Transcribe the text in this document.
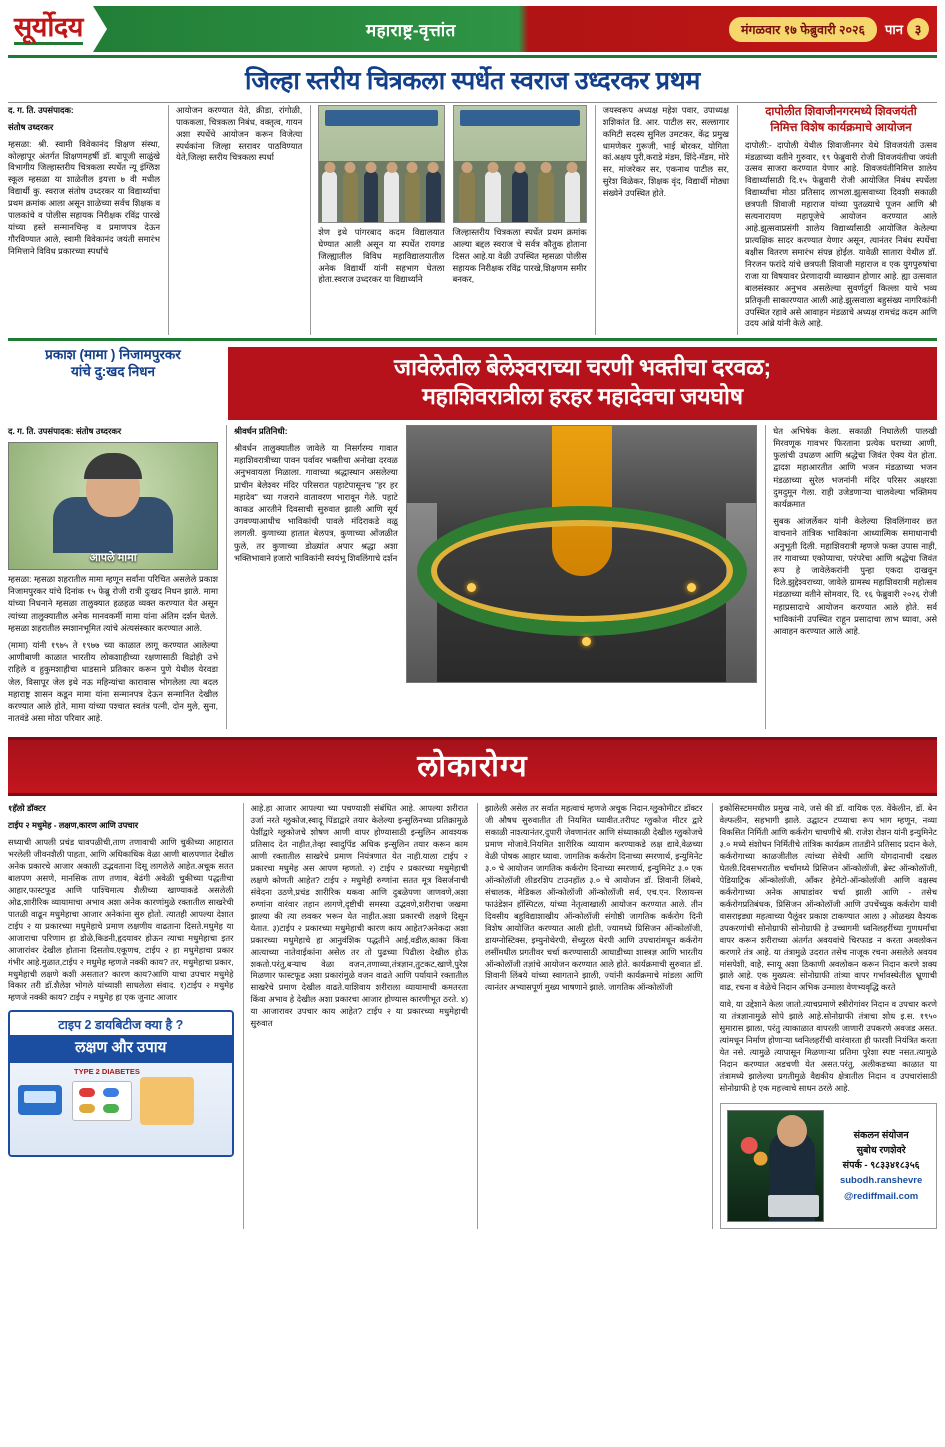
सूर्योदय	महाराष्ट्र-वृत्तांत	मंगळवार १७ फेब्रुवारी २०२६	पान ३
जिल्हा स्तरीय चित्रकला स्पर्धेत स्वराज उध्दरकर प्रथम

द. ग. ति. उपसंपादक:

संतोष उध्दरकर

म्हसळा: श्री. स्वामी विवेकानंद शिक्षण संस्था, कोल्हापूर अंतर्गत शिक्षणमहर्षी डॉ. बापूजी साळुंखे विभागीय जिल्हास्तरीय चित्रकला स्पर्धेत न्यू इंग्लिश स्कूल म्हसळा या शाळेतील इयत्ता ७ वी मधील विद्यार्थी कु. स्वराज संतोष उध्दरकर या विद्यार्थ्याचा प्रथम क्रमांक आला असून शाळेच्या सर्वच शिक्षक व पालकांचे व पोलीस सहायक निरीक्षक रविंद्र पारखे यांच्या हस्ते सन्मानचिन्ह व प्रमाणपत्र देऊन गौरविण्यात आले, स्वामी विवेकानंद जयंती समारंभ निमित्ताने विविध प्रकारच्या स्पर्धांचे

आयोजन करण्यात येते, क्रीडा, रांगोळी, पाककला, चित्रकला निबंध, वक्तृत्व, गायन अशा स्पर्धेचे आयोजन करून विजेत्या स्पर्धकांना जिल्हा स्तरावर पाठविण्यात येते,जिल्हा स्तरीय चित्रकला स्पर्धा

शेण इथे पांगरबाद कदम विद्यालयात घेण्यात आली असून या स्पर्धेत रायगड जिल्ह्यातील विविध महाविद्यालयातील अनेक विद्यार्थी यांनी सहभाग घेतला होता.स्वराज उध्दरकर या विद्यार्थ्याने

जिल्हास्तरीय चित्रकला स्पर्धेत प्रथम क्रमांक आल्या बद्दल स्वराज चे सर्वत्र कौतुक होताना दिसत आहे.या वेळी उपस्थित म्हसळा पोलीस सहायक निरीक्षक रविंद्र पारखे,शिक्षणम समीर बनकर,

जयस्वरूप अध्यक्ष महेश पवार, उपाध्यक्ष शशिकांत डि. आर. पाटील सर, सल्लागार कमिटी सदस्य सुनिल उमटकर, केंद्र प्रमुख धामणेकर गुरूजी, भाई बोरकर, योगिता कां.अक्षय पुरी,कराडे मंडम, शिंदे-मॅडम, मोरे सर, मांजरेकर सर, एकनाथ पाटील सर, सुरेश विळेकर, शिक्षक वृंद, विद्यार्थी मोठ्या संख्येने उपस्थित होते.

दापोलीत शिवाजीनगरमध्ये शिवजयंती
निमित्त विशेष कार्यक्रमाचे आयोजन

दापोली:- दापोली येथील शिवाजीनगर येथे शिवजयंती उत्सव मंडळाच्या वतीने गुरुवार, १९ फेब्रुवारी रोजी शिवजयंतीचा जयंती उत्सव साजरा करण्यात येणार आहे. शिवजयंतीनिमित्त शालेय विद्यार्थ्यांसाठी दि.१५ फेब्रुवारी रोजी आयोजित निबंध स्पर्धेला विद्यार्थ्यांचा मोठा प्रतिसाद लाभला.झुत्सवाच्या दिवशी सकाळी छत्रपती शिवाजी महाराज यांच्या पुतळ्याचे पूजन आणि श्री सत्यनारायण महापूजेचे आयोजन करण्यात आले आहे.झुत्सवाप्रसंगी शालेय विद्यार्थ्यांसाठी आयोजित केलेल्या प्रात्यक्षिक सादर करण्यात येणार असून, त्यानंतर निबंध स्पर्धेचा बक्षीस वितरण समारंभ संपन्न होईल. यावेळी सातारा येथील डॉ. निरजन फरांदे यांचे छत्रपती शिवाजी महाराज व एक युगपुरुषांचा राजा या विषयावर प्रेरणादायी व्याख्यान होणार आहे. ह्या उत्सवात बालसंस्कार अनुभव असलेल्या सुवर्णदुर्ग किल्ला याचे भव्य प्रतिकृती साकारण्यात आली आहे.झुत्सवाला बहुसंख्य नागरिकांनी उपस्थित रहावे असे आवाहन मंडळाचे अध्यक्ष रामचंद्र कदम आणि उदय आंब्रे यांनी केले आहे.

प्रकाश (मामा ) निजामपुरकर
यांचे दु:खद निधन	जावेलेतील बेलेश्वराच्या चरणी भक्तीचा दरवळ;
महाशिवरात्रीला हरहर महादेवचा जयघोष

द. ग. ति. उपसंपादक: संतोष उध्दरकर

आपले मामा

म्हसळा: म्हसळा शहरातील मामा म्हणून सर्वांना परिचित असलेले प्रकाश निजामपुरकर यांचे दिनांक १५ फेब्रु रोजी रात्री दुःखद निधन झाले. मामा यांच्या निधनाने म्हसळा तालुक्यात हळहळ व्यक्त करण्यात येत असून त्यांच्या तालुक्यातील अनेक मानवकर्मी मामा यांना अंतिम दर्शन घेतले. म्हसळा शहरातील स्मशानभूमित त्यांचे अंत्यसंस्कार करण्यात आले.

(मामा) यांनी १९७५ ते १९७७ च्या काळात लागू करण्यात आलेल्या आणीबाणी काळात भारतीय लोकशाहीच्या रक्षणासाठी विद्रोही उभे राहिले व हुकुमशाहीचा धाडसाने प्रतिकार करून पुणे येथील येरवडा जेल, विसापूर जेल इथे नऊ महिन्यांचा कारावास भोगलेला त्या बदल महाराष्ट्र शासन कडून मामा यांना सन्मानपत्र देऊन सन्मानित देखील करण्यात आले होते, मामा यांच्या पश्चात स्वतंत्र पत्नी, दोन मुले, सुना, नातवंडे असा मोठा परिवार आहे.

श्रीवर्धन प्रतिनिधी:

श्रीवर्धन तालुक्यातील जावेले या निसर्गरम्य गावात महाशिवरात्रीच्या पावन पर्वावर भक्तीचा अनोखा दरवळ अनुभवायला मिळाला. गावाच्या श्रद्धास्थान असलेल्या प्राचीन बेलेश्वर मंदिर परिसरात पहाटेपासूनच "हर हर महादेव" च्या गजराने वातावरण भारावून गेले. पहाटे काकड आरतीने दिवसाची सुरुवात झाली आणि सूर्य उगवण्याआधीच भाविकांची पावले मंदिराकडे वळू लागली. कुणाच्या हातात बेलपत्र, कुणाच्या ओंजळीत फुले, तर कुणाच्या डोळ्यांत अपार श्रद्धा अशा भक्तिभावाने हजारो भाविकांनी स्वयंभू शिवलिंगाचे दर्शन

घेत अभिषेक केला. सकाळी निघालेली पालखी मिरवणूक गावभर फिरताना प्रत्येक घराच्या आणी, फुलांची उधळण आणि श्रद्धेचा जिवंत ऐक्य येत होता. द्वादश महाआरतीत आणि भजन मंडळाच्या भजन मंडळाच्या सुरेल भजनांनी मंदिर परिसर अक्षरशः दुमदुमून गेला. राही उजेडणाऱ्या चालवेल्या भक्तिमय कार्यक्रमात

सुबक आंजर्लेकर यांनी केलेल्या शिवलिंगावर छत वाचनाने तांत्रिक भाविकांना आध्यात्मिक समाधानाची अनुभूती दिली. महाशिवरात्री म्हणजे फक्त उपास नाही, तर गावाच्या एकोप्याचा, परंपरेचा आणि श्रद्धेचा जिवंत रूप हे जावेलेकरांनी पुन्हा एकदा दाखवून दिले.झुद्देश्वराच्या, जावेले ग्रामस्थ महाशिवरात्री महोत्सव मंडळाच्या वतीने सोमवार, दि. १६ फेब्रुवारी २०२६ रोजी महाप्रसादाचे आयोजन करण्यात आले होते. सर्व भाविकांनी उपस्थित राहून प्रसादाचा लाभ घ्यावा, असे आवाहन करण्यात आले आहे.

लोकारोग्य

१हॅलो डॉक्टर

टाईप २ मधुमेह - लक्षण,कारण आणि उपचार

सध्याची आपली प्रचंड धावपळीची,ताण तणावाची आणि चुकीच्या आहारात भरलेली जीवनशैली पाहता, आणि अधिकाधिक वेळा आणी बालपणात देखील अनेक प्रकारचे आजार अकाली उद्भवताना दिसू लागलेले आहेत.अचूक सतत बालपण असणे, मानसिक ताण तणाव, बेढंगी अवेळी चुकीच्या पद्धतीचा आहार,फास्टफूड आणि पाश्चिमात्य शैलीच्या खाण्याकडे असलेली ओढ,शारीरिक व्यायामाचा अभाव अशा अनेक कारणांमुळे रक्तातील साखरेची पातळी वाढून मधुमेहाचा आजार अनेकांना सुरु होतो. त्यातही आपल्या देशात टाईप २ या प्रकारच्या मधुमेहाचे प्रमाण लक्षणीय वाढताना दिसते.मधुमेह या आजाराचा परिणाम हा डोळे,किडनी,हृदयावर होऊन त्याचा मधुमेहाचा इतर आजारांवर देखील होताना दिसतोय.एकूणच, टाईप २ हा मधुमेहाचा प्रकार गंभीर आहे.मुळात,टाईप २ मधुमेह म्हणजे नक्की काय? तर, मधुमेहाचा प्रकार, मधुमेहाची लक्षणे कशी असतात? कारण काय?आणि याचा उपचार मधुमेहे विकार तरी डॉ.शैलेश भोगले यांच्याशी साधलेला संवाद. १)टाईप २ मधुमेह म्हणजे नक्की काय? टाईप २ मधुमेह हा एक जुनाट आजार

टाइप 2 डायबिटीज क्या है ?
लक्षण और उपाय
TYPE 2 DIABETES

आहे.हा आजार आपल्या च्या पचण्याशी संबंधित आहे. आपल्या शरीरात उर्जा नरते ग्लुकोज,स्वादू पिंडाद्वारे तयार केलेल्या इन्सुलिनच्या प्रतिक्रामुळे पेशींद्वारे ग्लुकोजचे शोषण आणी वापर होण्यासाठी इन्सुलिन आवश्यक प्रतिसाद देत नाहीत,तेव्हा स्वादुपिंड अधिक इन्सुलिन तयार करून काम आणी रक्तातील साखरेचे प्रमाण नियंत्रणात येत नाही.याला टाईप २ प्रकारचा मधुमेह अस आपण म्हणतो. २) टाईप २ प्रकारच्या मधुमेहाची लक्षणे कोणती आहेत? टाईप २ मधुमेही रुग्णांना सतत मूत्र विसर्जनाची संवेदना उठणे,प्रचंड शारीरिक थकवा आणि दुबळेपणा जाणवणे,अशा रुग्णांना वारंवार तहान लागणे,दृष्टीची समस्या उद्भवणे,शरीराचा जखमा झाल्या की त्या लवकर भरून येत नाहीत.अशा प्रकारची लक्षणे दिसून येतात. ३)टाईप २ प्रकारच्या मधुमेहाची कारण काय आहेत?अनेकदा अशा प्रकारच्या मधुमेहाचे हा आनुवंशिक पद्धतीने आई,वडील,काका किंवा आत्याच्या नातेवाईकांना असेल तर तो पुढच्या पिढीला देखील होऊ शकतो.परंतु,बऱ्याच वेळा वजन,तणाव्या,तंत्रज्ञान,तुटकट,खाणे,पुरेश मिळणार फास्टफूड अशा प्रकारांमुळे वजन वाढते आणि पर्यायाने रक्तातील साखरेचे प्रमाण देखील वाढते.याशिवाय शरीराला व्यायामाची कमतरता किंवा अभाव हे देखील अशा प्रकारचा आजार होण्यास कारणीभूत ठरते. ४) या आजारावर उपचार काय आहेत? टाईप २ या प्रकारच्या मधुमेहाची सुरुवात

झालेली असेल तर सर्वात महत्वाचं म्हणजे अचूक निदान.ग्लुकोमीटर डॉक्टर जी औषध सुरुवातीत ती नियमित घ्यावीत.तरीपट ग्लुकोज मीटर द्वारे सकाळी नाश्त्यानंतर,दुपारी जेवणानंतर आणि संध्याकाळी देखील ग्लुकोजचे प्रमाण मोजावे.नियमित शारीरिक व्यायाम करण्याकडे लक्ष द्यावे,वेळच्या वेळी पोषक आहार घ्यावा. जागतिक कर्करोग दिनाच्या स्मरणार्थ, इन्युमिनेट ३.० चे आयोजन जागतिक कर्करोग दिनाच्या स्मरणार्थ, इन्युमिनेट ३.० एक ऑन्कोलॉजी लीडरशिप टाउनहॉल ३.० चे आयोजन डॉ. शिवानी लिंबये, संचालक, मेडिकल ऑन्कोलॉजी ऑन्कोलॉजी सर्व, एच.एन. रिलायन्स फाउंडेशन हॉस्पिटल, यांच्या नेतृत्वाखाली आयोजन करण्यात आले. तीन दिवसीय बहुविद्याशाखीय ऑन्कोलॉजी संगोष्ठी जागतिक कर्करोग दिनी विशेष आयोजित करण्यात आली होती, ज्यामध्ये प्रिसिजन ऑन्कोलॉजी, डायग्नोस्टिक्स, इम्युनोथेरपी, सेंच्युरल थेरपी आणि उपचारांमधून कर्करोग लसींमधील प्रगतीवर चर्चा करण्यासाठी आघाडीच्या शास्त्रज्ञ आणि भारतीय ऑन्कोलॉजी तज्ञांचे आयोजन करण्यात आले होते. कार्यक्रमाची सुरुवात डॉ. शिवानी लिंबये यांच्या स्वागताने झाली, ज्यांनी कार्यक्रमाचे मांडला आणि त्यानंतर अभ्यासपूर्ण मुख्य भाषणाने झाले. जागतिक ऑन्कोलॉजी

इकोसिस्टममधील प्रमुख नावे, जसे की डॉ. वायिक एल. वेंकेलीन, डॉ. बेन वेल्फलीन, सहभागी झाले. उद्घाटन टप्प्याचा रूप भाग म्हणून, नव्या विकसित निर्मिती आणि कर्करोग चाचणीचे श्री. राजेश रोशन यांनी इन्युमिनेट ३.० मध्ये संशोधन निर्मितीचे तांत्रिक कार्यक्रम तातडीने प्रतिसाद प्रदान केले, कर्करोगाच्या काळजीतील त्यांच्या सेवेची आणि योगदानाची दखल घेतली.दिवसभरातील चर्चांमध्ये प्रिसिजन ऑन्कोलॉजी, ब्रेस्ट ऑन्कोलॉजी, पेडियाट्रिक ऑन्कोलॉजी, ऑंकर हेमेटो-ऑन्कोलॉजी आणि वक्षस्थ कर्करोगाच्या अनेक आघाडांवर चर्चा झाली आणि - तसेच कर्करोगप्रतिबंधक, प्रिसिजन ऑन्कोलॉजी आणि उपचेंच्युक कर्करोग यावी वासराइड्या महत्वाच्या पैलूंवर प्रकाश टाकण्यात आला ३ ओळख्य वैश्यक उपकरणांची सोनोग्राफी सोनोग्राफी हे उच्चागमी ध्वनिलहरींच्या गुणधर्मांचा वापर करून शरीराच्या अंतर्गत अवयवांचे चिरफाड न करता अवलोकन करणारे तंत्र आहे. या तंत्रामुळे उदरात तसेच नाजूक रचना असलेले अवयव मांसपेशी, वाहेे, स्नायू अशा ठिकाणी अवलोकन करून निदान करणे शक्य झाले आहे. एक मुख्यत्व: सोनोग्राफी तांत्र्या वापर गर्भावस्थेतील भ्रूणाची वाढ, रचना व वेळेचे निदान अभिक उन्माला वेणभ्यवृद्धि करते

यावे, या उद्देशाने केला जातो.त्याचप्रमाणे स्त्रीरोगांवर निदान व उपचार करणे या तंत्रज्ञानामुळे सोपे झाले आहे.सोनोग्राफी तंत्राचा शोध इ.स. १९५० सुमारास झाला, परंतु त्याकाळात वापरली जाणारी उपकरणे अवजड असत. त्यांमधून निर्माण होणाऱ्या ध्वनिलहरींची वारंवारता ही फारशी नियंत्रित करता येत नसे. त्यामुळे त्यापासून मिळणाऱ्या प्रतिमा पुरेशा स्पष्ट नसत.त्यामुळे निदान करण्यात अडचणी येत असत.परंतु, अलीकडच्या काळात या तंत्रामध्ये झालेल्या प्रगतीमुळे वैद्यकीय क्षेत्रातील निदान व उपचारांसाठी सोनोग्राफी हे एक महत्त्वाचे साधन ठरले आहे.

संकलन संयोजन
सुबोध रणशेवरे
संपर्क - ९८३३४१८३५६
subodh.ranshevre
@rediffmail.com
